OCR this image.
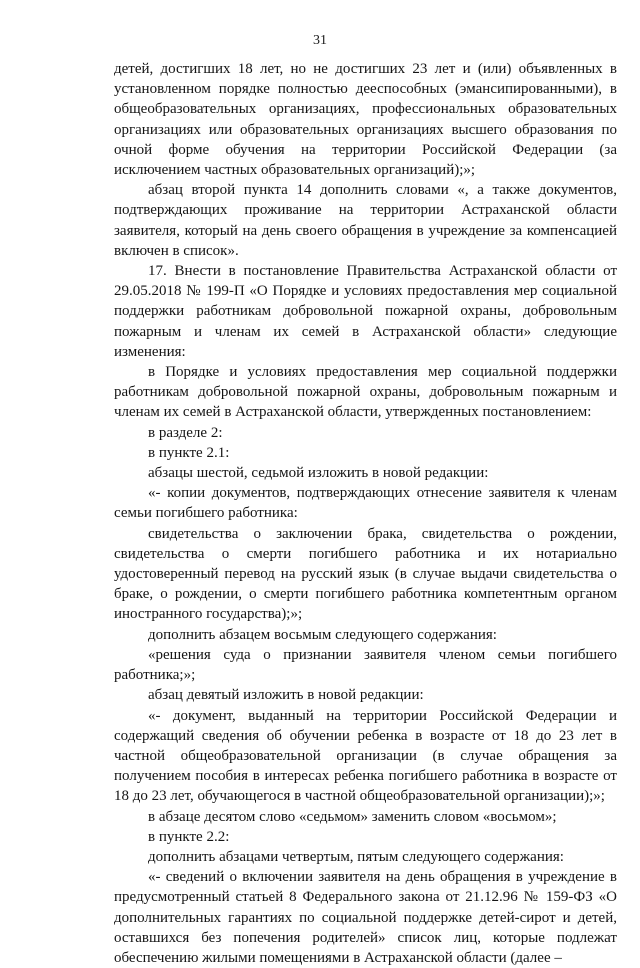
31

детей, достигших 18 лет, но не достигших 23 лет и (или) объявленных в установленном порядке полностью дееспособных (эмансипированными), в общеобразовательных организациях, профессиональных образовательных организациях или образовательных организациях высшего образования по очной форме обучения на территории Российской Федерации (за исключением частных образовательных организаций);»;

абзац второй пункта 14 дополнить словами «, а также документов, подтверждающих проживание на территории Астраханской области заявителя, который на день своего обращения в учреждение за компенсацией включен в список».

17. Внести в постановление Правительства Астраханской области от 29.05.2018 № 199-П «О Порядке и условиях предоставления мер социальной поддержки работникам добровольной пожарной охраны, добровольным пожарным и членам их семей в Астраханской области» следующие изменения:

в Порядке и условиях предоставления мер социальной поддержки работникам добровольной пожарной охраны, добровольным пожарным и членам их семей в Астраханской области, утвержденных постановлением:

в разделе 2:

в пункте 2.1:

абзацы шестой, седьмой изложить в новой редакции:

«- копии документов, подтверждающих отнесение заявителя к членам семьи погибшего работника:

свидетельства о заключении брака, свидетельства о рождении, свидетельства о смерти погибшего работника и их нотариально удостоверенный перевод на русский язык (в случае выдачи свидетельства о браке, о рождении, о смерти погибшего работника компетентным органом иностранного государства);»;

дополнить абзацем восьмым следующего содержания:

«решения суда о признании заявителя членом семьи погибшего работника;»;

абзац девятый изложить в новой редакции:

«- документ, выданный на территории Российской Федерации и содержащий сведения об обучении ребенка в возрасте от 18 до 23 лет в частной общеобразовательной организации (в случае обращения за получением пособия в интересах ребенка погибшего работника в возрасте от 18 до 23 лет, обучающегося в частной общеобразовательной организации);»;

в абзаце десятом слово «седьмом» заменить словом «восьмом»;

в пункте 2.2:

дополнить абзацами четвертым, пятым следующего содержания:

«- сведений о включении заявителя на день обращения в учреждение в предусмотренный статьей 8 Федерального закона от 21.12.96 № 159-ФЗ «О дополнительных гарантиях по социальной поддержке детей-сирот и детей, оставшихся без попечения родителей» список лиц, которые подлежат обеспечению жилыми помещениями в Астраханской области (далее –
